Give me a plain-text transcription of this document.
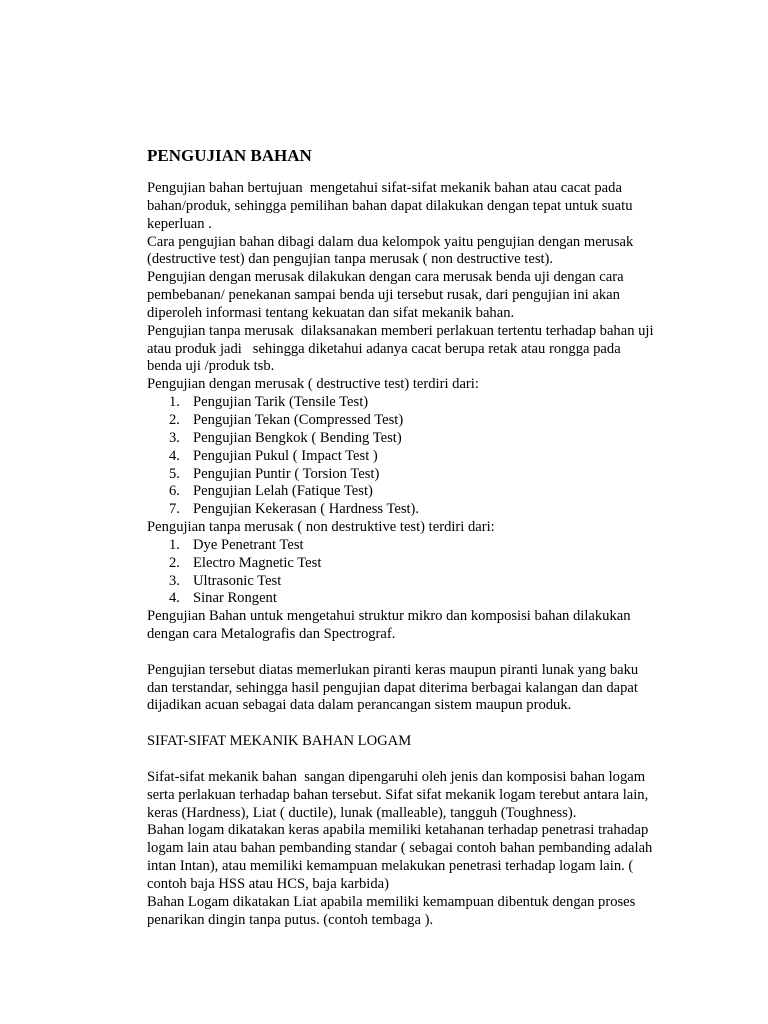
PENGUJIAN BAHAN

Pengujian bahan bertujuan  mengetahui sifat-sifat mekanik bahan atau cacat pada bahan/produk, sehingga pemilihan bahan dapat dilakukan dengan tepat untuk suatu keperluan .

Cara pengujian bahan dibagi dalam dua kelompok yaitu pengujian dengan merusak (destructive test) dan pengujian tanpa merusak ( non destructive test).

Pengujian dengan merusak dilakukan dengan cara merusak benda uji dengan cara pembebanan/ penekanan sampai benda uji tersebut rusak, dari pengujian ini akan diperoleh informasi tentang kekuatan dan sifat mekanik bahan.

Pengujian tanpa merusak  dilaksanakan memberi perlakuan tertentu terhadap bahan uji atau produk jadi   sehingga diketahui adanya cacat berupa retak atau rongga pada benda uji /produk tsb.

Pengujian dengan merusak ( destructive test) terdiri dari:

1. Pengujian Tarik (Tensile Test)
2. Pengujian Tekan (Compressed Test)
3. Pengujian Bengkok ( Bending Test)
4. Pengujian Pukul ( Impact Test )
5. Pengujian Puntir ( Torsion Test)
6. Pengujian Lelah (Fatique Test)
7. Pengujian Kekerasan ( Hardness Test).

Pengujian tanpa merusak ( non destruktive test) terdiri dari:

1. Dye Penetrant Test
2. Electro Magnetic Test
3. Ultrasonic Test
4. Sinar Rongent

Pengujian Bahan untuk mengetahui struktur mikro dan komposisi bahan dilakukan dengan cara Metalografis dan Spectrograf.

Pengujian tersebut diatas memerlukan piranti keras maupun piranti lunak yang baku dan terstandar, sehingga hasil pengujian dapat diterima berbagai kalangan dan dapat dijadikan acuan sebagai data dalam perancangan sistem maupun produk.

SIFAT-SIFAT MEKANIK BAHAN LOGAM

Sifat-sifat mekanik bahan  sangan dipengaruhi oleh jenis dan komposisi bahan logam serta perlakuan terhadap bahan tersebut. Sifat sifat mekanik logam terebut antara lain, keras (Hardness), Liat ( ductile), lunak (malleable), tangguh (Toughness).

Bahan logam dikatakan keras apabila memiliki ketahanan terhadap penetrasi trahadap logam lain atau bahan pembanding standar ( sebagai contoh bahan pembanding adalah intan Intan), atau memiliki kemampuan melakukan penetrasi terhadap logam lain. ( contoh baja HSS atau HCS, baja karbida)

Bahan Logam dikatakan Liat apabila memiliki kemampuan dibentuk dengan proses penarikan dingin tanpa putus. (contoh tembaga ).
